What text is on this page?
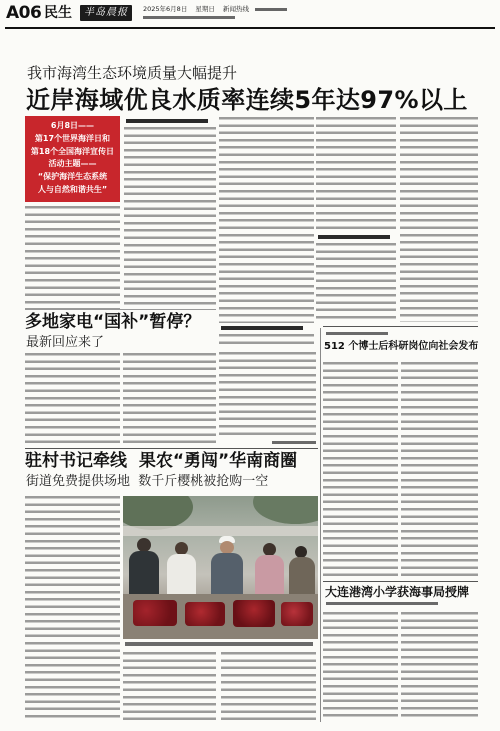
A06 民生	半岛晨报	2025年6月8日 星期日 新闻热线
我市海湾生态环境质量大幅提升
近岸海域优良水质率连续5年达97%以上
6月8日——
第17个世界海洋日和
第18个全国海洋宣传日
活动主题——
“保护海洋生态系统
人与自然和谐共生”
多地家电“国补”暂停？
最新回应来了
驻村书记牵线  果农“勇闯”华南商圈
街道免费提供场地  数千斤樱桃被抢购一空
512 个博士后科研岗位向社会发布
大连港湾小学获海事局授牌
